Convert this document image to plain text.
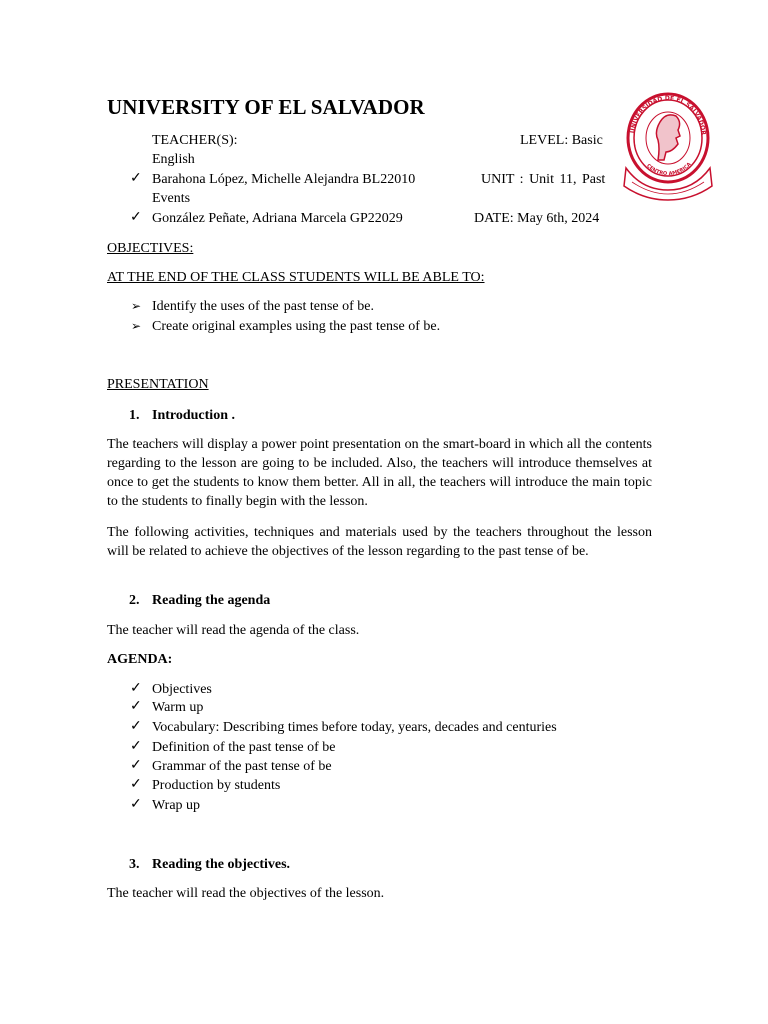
UNIVERSITY OF EL SALVADOR
UNIVERSIDAD DE EL SALVADOR
CENTRO AMERICA
TEACHER(S):	LEVEL: Basic
English
✓ Barahona López, Michelle Alejandra BL22010	UNIT : Unit 11, Past
Events
✓ González Peñate, Adriana Marcela GP22029	DATE: May 6th, 2024
OBJECTIVES:
AT THE END OF THE CLASS STUDENTS WILL BE ABLE TO:
➢ Identify the uses of the past tense of be.
➢ Create original examples using the past tense of be.
PRESENTATION
1. Introduction .
The teachers will display a power point presentation on the smart-board in which all the contents regarding to the lesson are going to be included. Also, the teachers will introduce themselves at once to get the students to know them better. All in all, the teachers will introduce the main topic to the students to finally begin with the lesson.
The following activities, techniques and materials used by the teachers throughout the lesson will be related to achieve the objectives of the lesson regarding to the past tense of be.
2. Reading the agenda
The teacher will read the agenda of the class.
AGENDA:
✓ Objectives
✓ Warm up
✓ Vocabulary: Describing times before today, years, decades and centuries
✓ Definition of the past tense of be
✓ Grammar of the past tense of be
✓ Production by students
✓ Wrap up
3. Reading the objectives.
The teacher will read the objectives of the lesson.
